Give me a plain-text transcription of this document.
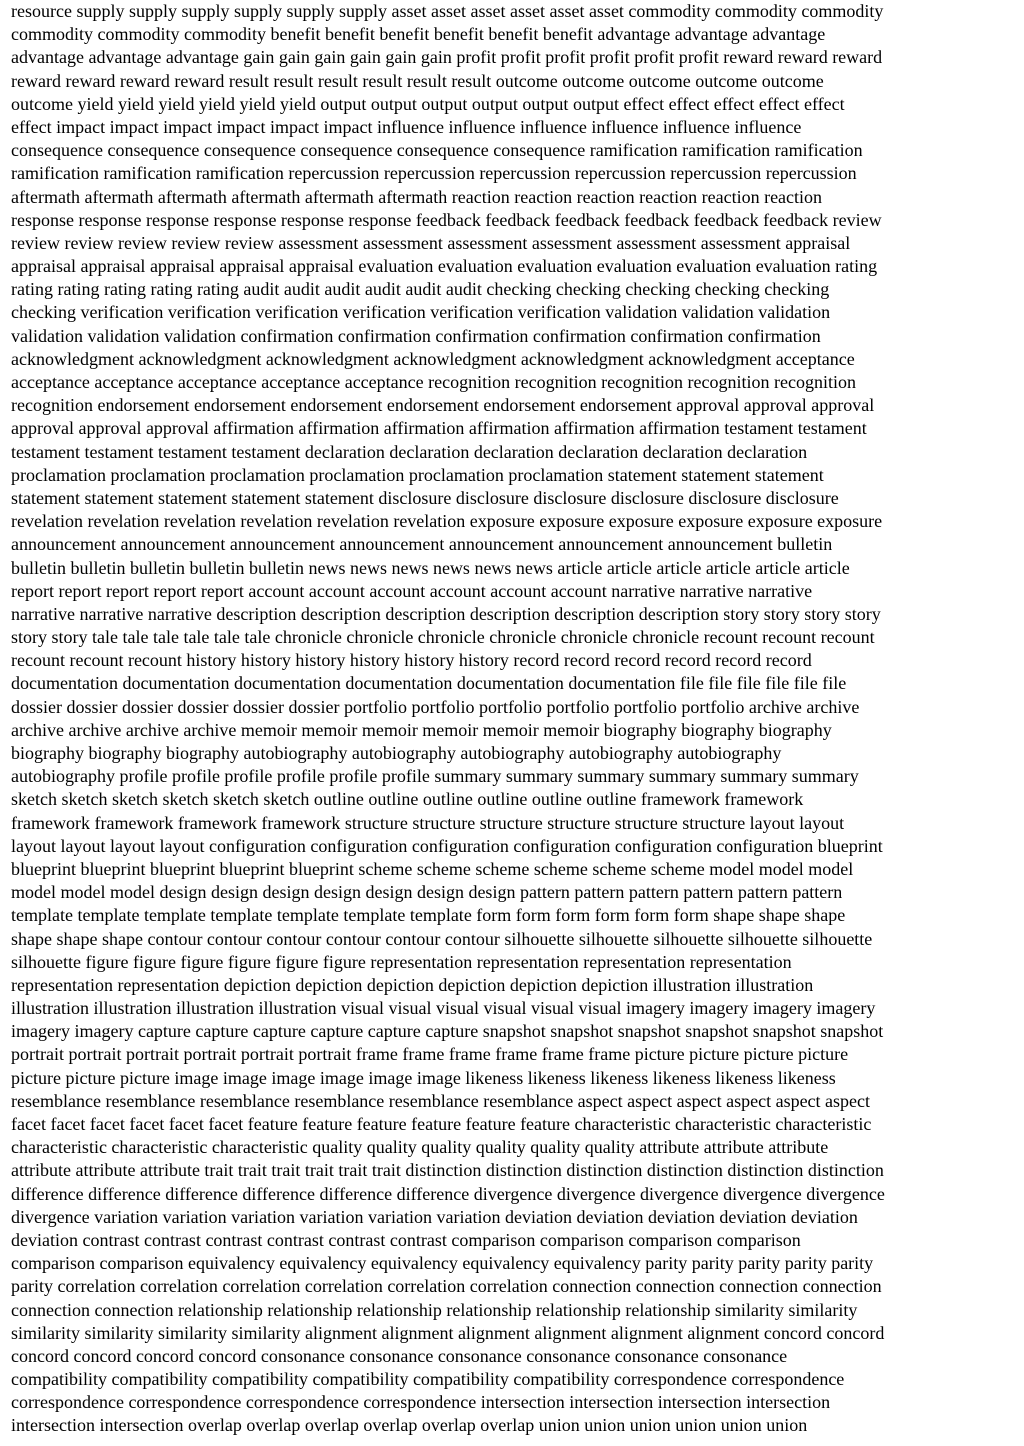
resource supply supply supply supply supply supply asset asset asset asset asset asset commodity commodity commodity
commodity commodity commodity benefit benefit benefit benefit benefit benefit advantage advantage advantage
advantage advantage advantage gain gain gain gain gain gain profit profit profit profit profit profit reward reward reward
reward reward reward reward result result result result result result outcome outcome outcome outcome outcome
outcome yield yield yield yield yield yield output output output output output output effect effect effect effect effect
effect impact impact impact impact impact impact influence influence influence influence influence influence
consequence consequence consequence consequence consequence consequence ramification ramification ramification
ramification ramification ramification repercussion repercussion repercussion repercussion repercussion repercussion
aftermath aftermath aftermath aftermath aftermath aftermath reaction reaction reaction reaction reaction reaction
response response response response response response feedback feedback feedback feedback feedback feedback review
review review review review review assessment assessment assessment assessment assessment assessment appraisal
appraisal appraisal appraisal appraisal appraisal evaluation evaluation evaluation evaluation evaluation evaluation rating
rating rating rating rating rating audit audit audit audit audit audit checking checking checking checking checking
checking verification verification verification verification verification verification validation validation validation
validation validation validation confirmation confirmation confirmation confirmation confirmation confirmation
acknowledgment acknowledgment acknowledgment acknowledgment acknowledgment acknowledgment acceptance
acceptance acceptance acceptance acceptance acceptance recognition recognition recognition recognition recognition
recognition endorsement endorsement endorsement endorsement endorsement endorsement approval approval approval
approval approval approval affirmation affirmation affirmation affirmation affirmation affirmation testament testament
testament testament testament testament declaration declaration declaration declaration declaration declaration
proclamation proclamation proclamation proclamation proclamation proclamation statement statement statement
statement statement statement statement statement disclosure disclosure disclosure disclosure disclosure disclosure
revelation revelation revelation revelation revelation revelation exposure exposure exposure exposure exposure exposure
announcement announcement announcement announcement announcement announcement announcement bulletin
bulletin bulletin bulletin bulletin bulletin news news news news news news article article article article article article
report report report report report account account account account account account narrative narrative narrative
narrative narrative narrative description description description description description description story story story story
story story tale tale tale tale tale tale chronicle chronicle chronicle chronicle chronicle chronicle recount recount recount
recount recount recount history history history history history history record record record record record record
documentation documentation documentation documentation documentation documentation file file file file file file
dossier dossier dossier dossier dossier dossier portfolio portfolio portfolio portfolio portfolio portfolio archive archive
archive archive archive archive memoir memoir memoir memoir memoir memoir biography biography biography
biography biography biography autobiography autobiography autobiography autobiography autobiography
autobiography profile profile profile profile profile profile summary summary summary summary summary summary
sketch sketch sketch sketch sketch sketch outline outline outline outline outline outline framework framework
framework framework framework framework structure structure structure structure structure structure layout layout
layout layout layout layout configuration configuration configuration configuration configuration configuration blueprint
blueprint blueprint blueprint blueprint blueprint scheme scheme scheme scheme scheme scheme model model model
model model model design design design design design design design pattern pattern pattern pattern pattern pattern
template template template template template template template form form form form form form shape shape shape
shape shape shape contour contour contour contour contour contour silhouette silhouette silhouette silhouette silhouette
silhouette figure figure figure figure figure figure representation representation representation representation
representation representation depiction depiction depiction depiction depiction depiction illustration illustration
illustration illustration illustration illustration visual visual visual visual visual visual imagery imagery imagery imagery
imagery imagery capture capture capture capture capture capture snapshot snapshot snapshot snapshot snapshot snapshot
portrait portrait portrait portrait portrait portrait frame frame frame frame frame frame picture picture picture picture
picture picture picture image image image image image image likeness likeness likeness likeness likeness likeness
resemblance resemblance resemblance resemblance resemblance resemblance aspect aspect aspect aspect aspect aspect
facet facet facet facet facet facet feature feature feature feature feature feature characteristic characteristic characteristic
characteristic characteristic characteristic quality quality quality quality quality quality attribute attribute attribute
attribute attribute attribute trait trait trait trait trait trait distinction distinction distinction distinction distinction distinction
difference difference difference difference difference difference divergence divergence divergence divergence divergence
divergence variation variation variation variation variation variation deviation deviation deviation deviation deviation
deviation contrast contrast contrast contrast contrast contrast comparison comparison comparison comparison
comparison comparison equivalency equivalency equivalency equivalency equivalency parity parity parity parity parity
parity correlation correlation correlation correlation correlation correlation connection connection connection connection
connection connection relationship relationship relationship relationship relationship relationship similarity similarity
similarity similarity similarity similarity alignment alignment alignment alignment alignment alignment concord concord
concord concord concord concord consonance consonance consonance consonance consonance consonance
compatibility compatibility compatibility compatibility compatibility compatibility correspondence correspondence
correspondence correspondence correspondence correspondence intersection intersection intersection intersection
intersection intersection overlap overlap overlap overlap overlap overlap union union union union union union
